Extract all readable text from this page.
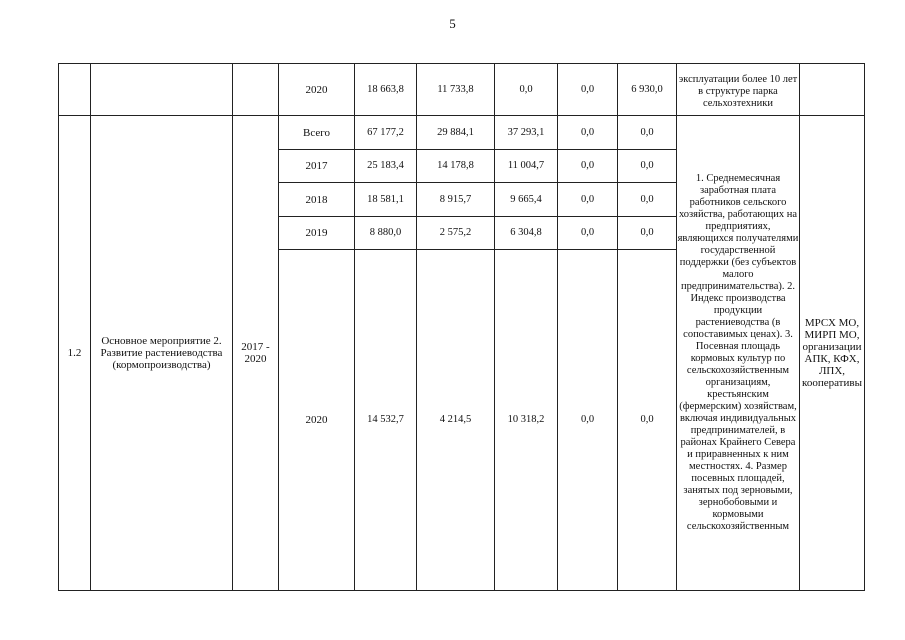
5
			2020	18 663,8	11 733,8	0,0	0,0	6 930,0	эксплуатации более 10 лет в структуре парка сельхозтехники	
1.2	Основное мероприятие 2. Развитие растениеводства (кормопроизводства)	2017 - 2020	Всего	67 177,2	29 884,1	37 293,1	0,0	0,0	1. Среднемесячная заработная плата работников сельского хозяйства, работающих на предприятиях, являющихся получателями государственной поддержки (без субъектов малого предпринимательства). 2. Индекс производства продукции растениеводства (в сопоставимых ценах). 3. Посевная площадь кормовых культур по сельскохозяйственным организациям, крестьянским (фермерским) хозяйствам, включая индивидуальных предпринимателей, в районах Крайнего Севера и приравненных к ним местностях. 4. Размер посевных площадей, занятых под зерновыми, зернобобовыми и кормовыми сельскохозяйственным	МРСХ МО, МИРП МО, организации АПК, КФХ, ЛПХ, кооперативы
			2017	25 183,4	14 178,8	11 004,7	0,0	0,0		
			2018	18 581,1	8 915,7	9 665,4	0,0	0,0		
			2019	8 880,0	2 575,2	6 304,8	0,0	0,0		
			2020	14 532,7	4 214,5	10 318,2	0,0	0,0		
